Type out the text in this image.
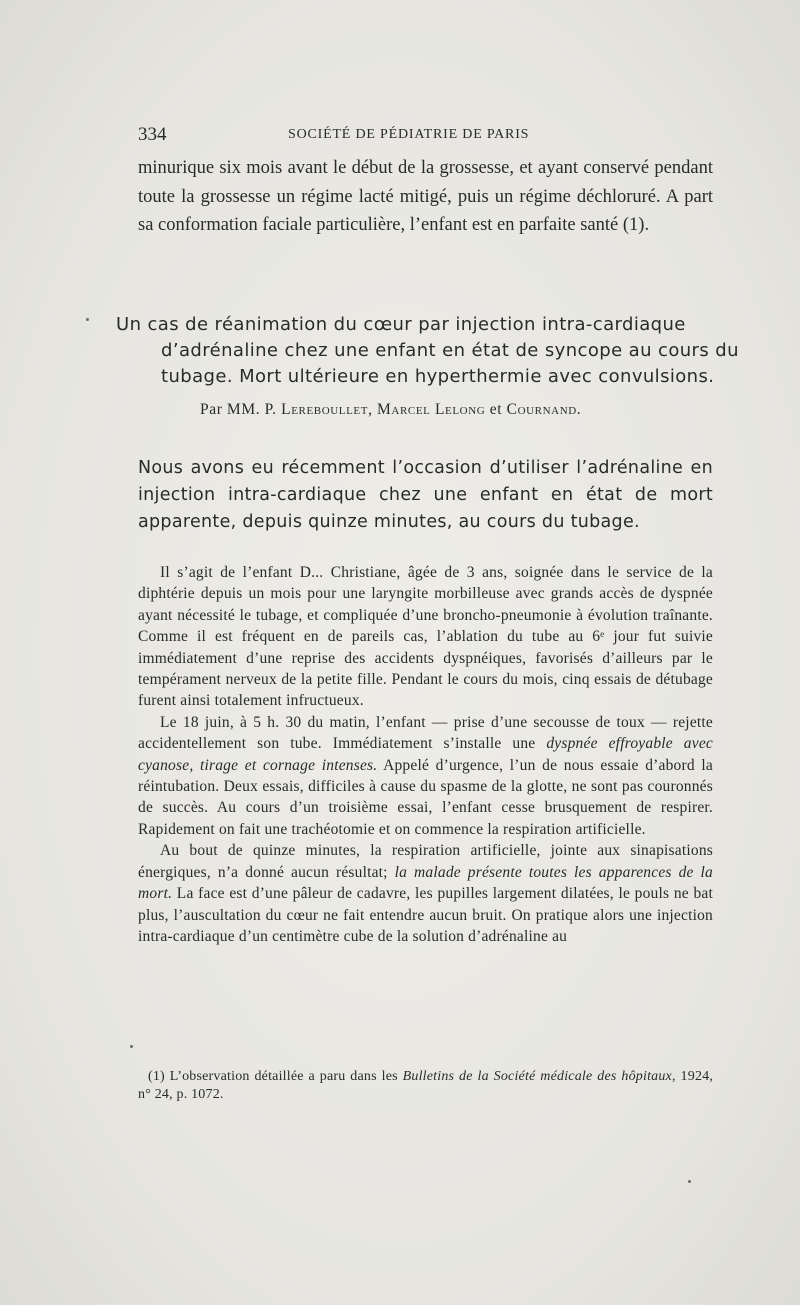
334	SOCIÉTÉ DE PÉDIATRIE DE PARIS

minurique six mois avant le début de la grossesse, et ayant conservé pendant toute la grossesse un régime lacté mitigé, puis un régime déchloruré. A part sa conformation faciale particulière, l’enfant est en parfaite santé (1).

Un cas de réanimation du cœur par injection intra-cardiaque
d’adrénaline chez une enfant en état de syncope au cours du
tubage. Mort ultérieure en hyperthermie avec convulsions.
Par MM. P. Lereboullet, Marcel Lelong et Cournand.

Nous avons eu récemment l’occasion d’utiliser l’adrénaline en injection intra-cardiaque chez une enfant en état de mort apparente, depuis quinze minutes, au cours du tubage.

Il s’agit de l’enfant D... Christiane, âgée de 3 ans, soignée dans le service de la diphtérie depuis un mois pour une laryngite morbilleuse avec grands accès de dyspnée ayant nécessité le tubage, et compliquée d’une broncho-pneumonie à évolution traînante. Comme il est fréquent en de pareils cas, l’ablation du tube au 6ᵉ jour fut suivie immédiatement d’une reprise des accidents dyspnéiques, favorisés d’ailleurs par le tempérament nerveux de la petite fille. Pendant le cours du mois, cinq essais de détubage furent ainsi totalement infructueux.

Le 18 juin, à 5 h. 30 du matin, l’enfant — prise d’une secousse de toux — rejette accidentellement son tube. Immédiatement s’installe une dyspnée effroyable avec cyanose, tirage et cornage intenses. Appelé d’urgence, l’un de nous essaie d’abord la réintubation. Deux essais, difficiles à cause du spasme de la glotte, ne sont pas couronnés de succès. Au cours d’un troisième essai, l’enfant cesse brusquement de respirer. Rapidement on fait une trachéotomie et on commence la respiration artificielle.

Au bout de quinze minutes, la respiration artificielle, jointe aux sinapisations énergiques, n’a donné aucun résultat; la malade présente toutes les apparences de la mort. La face est d’une pâleur de cadavre, les pupilles largement dilatées, le pouls ne bat plus, l’auscultation du cœur ne fait entendre aucun bruit. On pratique alors une injection intra-cardiaque d’un centimètre cube de la solution d’adrénaline au

(1) L’observation détaillée a paru dans les Bulletins de la Société médicale des hôpitaux, 1924, n° 24, p. 1072.
